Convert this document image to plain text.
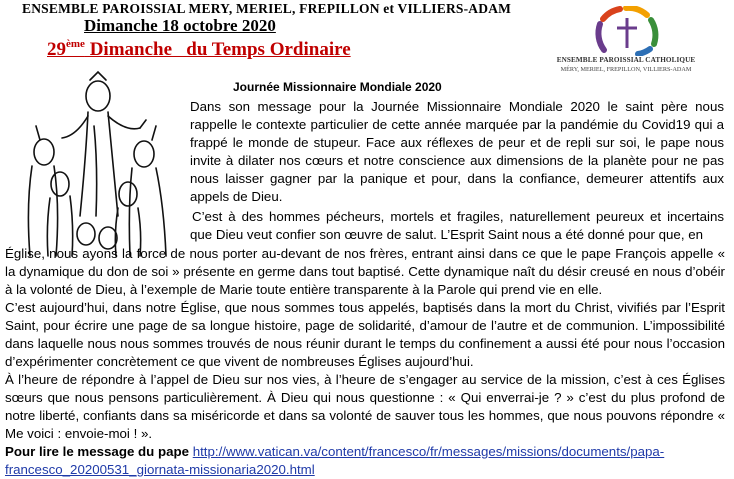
ENSEMBLE PAROISSIAL MERY, MERIEL, FREPILLON et VILLIERS-ADAM
Dimanche 18 octobre 2020
29ème Dimanche   du Temps Ordinaire	ENSEMBLE PAROISSIAL CATHOLIQUE
MÉRY, MERIEL, FREPILLON, VILLIERS-ADAM
Journée Missionnaire Mondiale 2020

Dans son message pour la Journée Missionnaire Mondiale 2020 le saint père nous rappelle le contexte particulier de cette année marquée par la pandémie du Covid19 qui a frappé le monde de stupeur. Face aux réflexes de peur et de repli sur soi, le pape nous invite à dilater nos cœurs et notre conscience aux dimensions de la planète pour ne pas nous laisser gagner par la panique et pour, dans la confiance, demeurer attentifs aux appels de Dieu.

C’est à des hommes pécheurs, mortels et fragiles, naturellement peureux et incertains que Dieu veut confier son œuvre de salut. L’Esprit Saint nous a été donné pour que, en

Église, nous ayons la force de nous porter au-devant de nos frères, entrant ainsi dans ce que le pape François appelle « la dynamique du don de soi » présente en germe dans tout baptisé. Cette dynamique naît du désir creusé en nous d’obéir à la volonté de Dieu, à l’exemple de Marie toute entière transparente à la Parole qui prend vie en elle.

C’est aujourd’hui, dans notre Église, que nous sommes tous appelés, baptisés dans la mort du Christ, vivifiés par l’Esprit Saint, pour écrire une page de sa longue histoire, page de solidarité, d’amour de l’autre et de communion. L’impossibilité dans laquelle nous nous sommes trouvés de nous réunir durant le temps du confinement a aussi été pour nous l’occasion d’expérimenter concrètement ce que vivent de nombreuses Églises aujourd’hui.

À l’heure de répondre à l’appel de Dieu sur nos vies, à l’heure de s’engager au service de la mission, c’est à ces Églises sœurs que nous pensons particulièrement. À Dieu qui nous questionne : « Qui enverrai-je ? » c’est du plus profond de notre liberté, confiants dans sa miséricorde et dans sa volonté de sauver tous les hommes, que nous pouvons répondre « Me voici : envoie-moi ! ».

Pour lire le message du pape http://www.vatican.va/content/francesco/fr/messages/missions/documents/papa-francesco_20200531_giornata-missionaria2020.html
